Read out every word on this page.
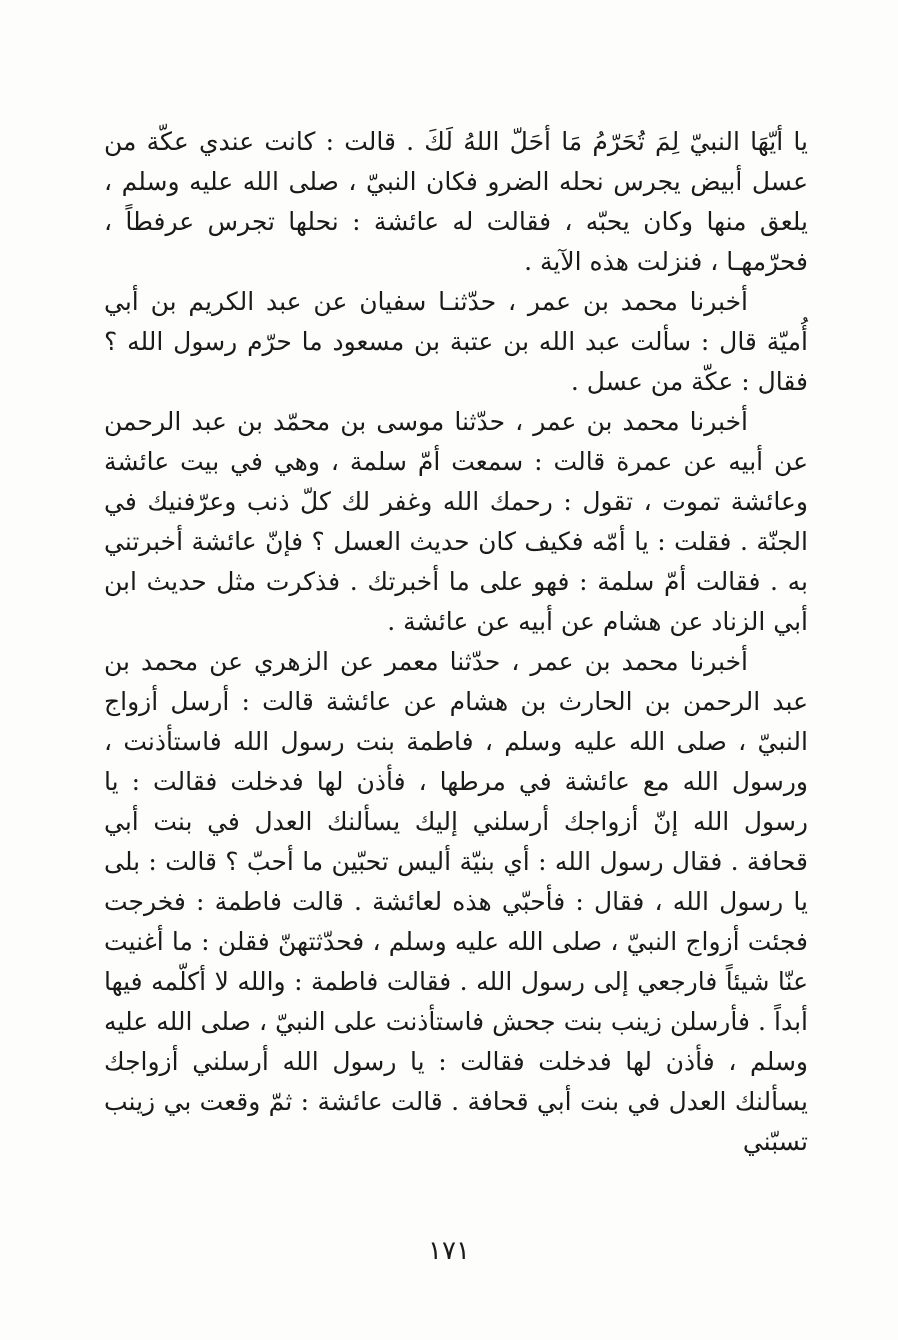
يا أيّهَا النبيّ لِمَ تُحَرّمُ مَا أحَلّ اللهُ لَكَ . قالت : كانت عندي عكّة من عسل أبيض يجرس نحله الضرو فكان النبيّ ، صلى الله عليه وسلم ، يلعق منها وكان يحبّه ، فقالت له عائشة : نحلها تجرس عرفطاً ، فحرّمهـا ، فنزلت هذه الآية .

أخبرنا محمد بن عمر ، حدّثنـا سفيان عن عبد الكريم بن أبي أُميّة قال : سألت عبد الله بن عتبة بن مسعود ما حرّم رسول الله ؟ فقال : عكّة من عسل .

أخبرنا محمد بن عمر ، حدّثنا موسى بن محمّد بن عبد الرحمن عن أبيه عن عمرة قالت : سمعت أمّ سلمة ، وهي في بيت عائشة وعائشة تموت ، تقول : رحمك الله وغفر لك كلّ ذنب وعرّفنيك في الجنّة . فقلت : يا أمّه فكيف كان حديث العسل ؟ فإنّ عائشة أخبرتني به . فقالت أمّ سلمة : فهو على ما أخبرتك . فذكرت مثل حديث ابن أبي الزناد عن هشام عن أبيه عن عائشة .

أخبرنا محمد بن عمر ، حدّثنا معمر عن الزهري عن محمد بن عبد الرحمن بن الحارث بن هشام عن عائشة قالت : أرسل أزواج النبيّ ، صلى الله عليه وسلم ، فاطمة بنت رسول الله فاستأذنت ، ورسول الله مع عائشة في مرطها ، فأذن لها فدخلت فقالت : يا رسول الله إنّ أزواجك أرسلني إليك يسألنك العدل في بنت أبي قحافة . فقال رسول الله : أي بنيّة أليس تحبّين ما أحبّ ؟ قالت : بلى يا رسول الله ، فقال : فأحبّي هذه لعائشة . قالت فاطمة : فخرجت فجئت أزواج النبيّ ، صلى الله عليه وسلم ، فحدّثتهنّ فقلن : ما أغنيت عنّا شيئاً فارجعي إلى رسول الله . فقالت فاطمة : والله لا أكلّمه فيها أبداً . فأرسلن زينب بنت جحش فاستأذنت على النبيّ ، صلى الله عليه وسلم ، فأذن لها فدخلت فقالت : يا رسول الله أرسلني أزواجك يسألنك العدل في بنت أبي قحافة . قالت عائشة : ثمّ وقعت بي زينب تسبّني

١٧١
